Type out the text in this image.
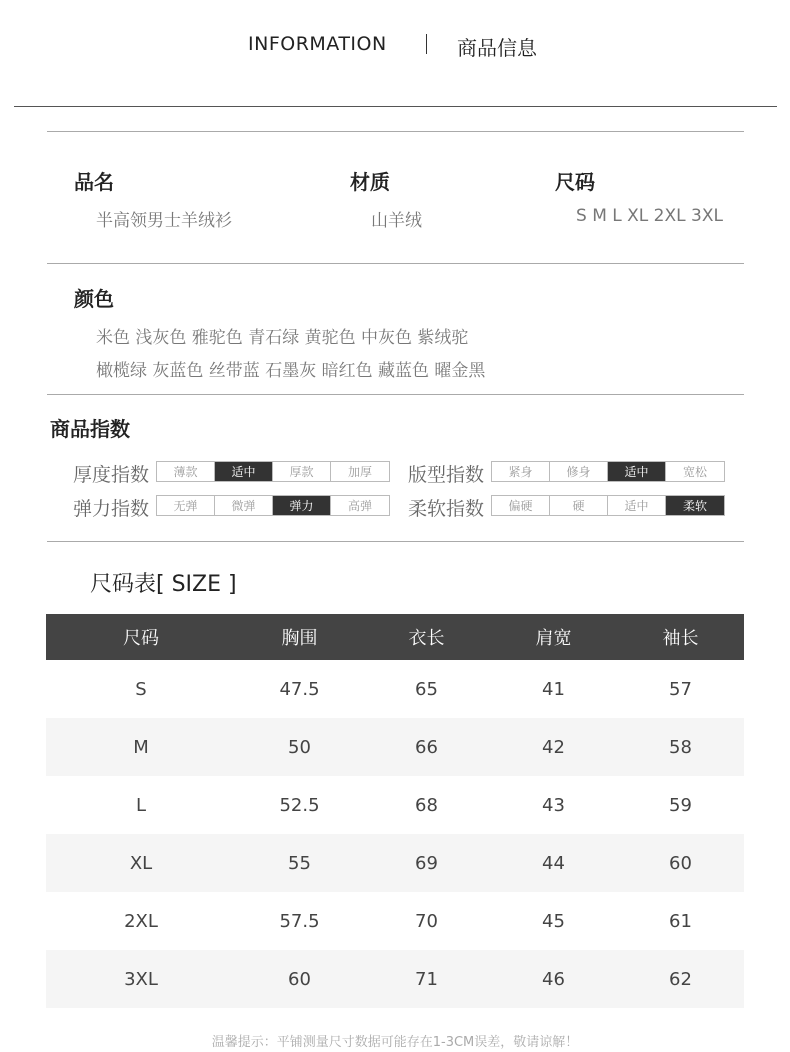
INFORMATION	商品信息
品名
半高领男士羊绒衫
材质
山羊绒
尺码
S M L XL 2XL 3XL
颜色
米色 浅灰色 雅驼色 青石绿 黄驼色 中灰色 紫绒驼
橄榄绿 灰蓝色 丝带蓝 石墨灰 暗红色 藏蓝色 曜金黑
商品指数
厚度指数	薄款	适中	厚款	加厚	版型指数	紧身	修身	适中	宽松
弹力指数	无弹	微弹	弹力	高弹	柔软指数	偏硬	硬	适中	柔软
尺码表[ SIZE ]
尺码	胸围	衣长	肩宽	袖长
S	47.5	65	41	57
M	50	66	42	58
L	52.5	68	43	59
XL	55	69	44	60
2XL	57.5	70	45	61
3XL	60	71	46	62
温馨提示：平铺测量尺寸数据可能存在1-3CM误差，敬请谅解！
